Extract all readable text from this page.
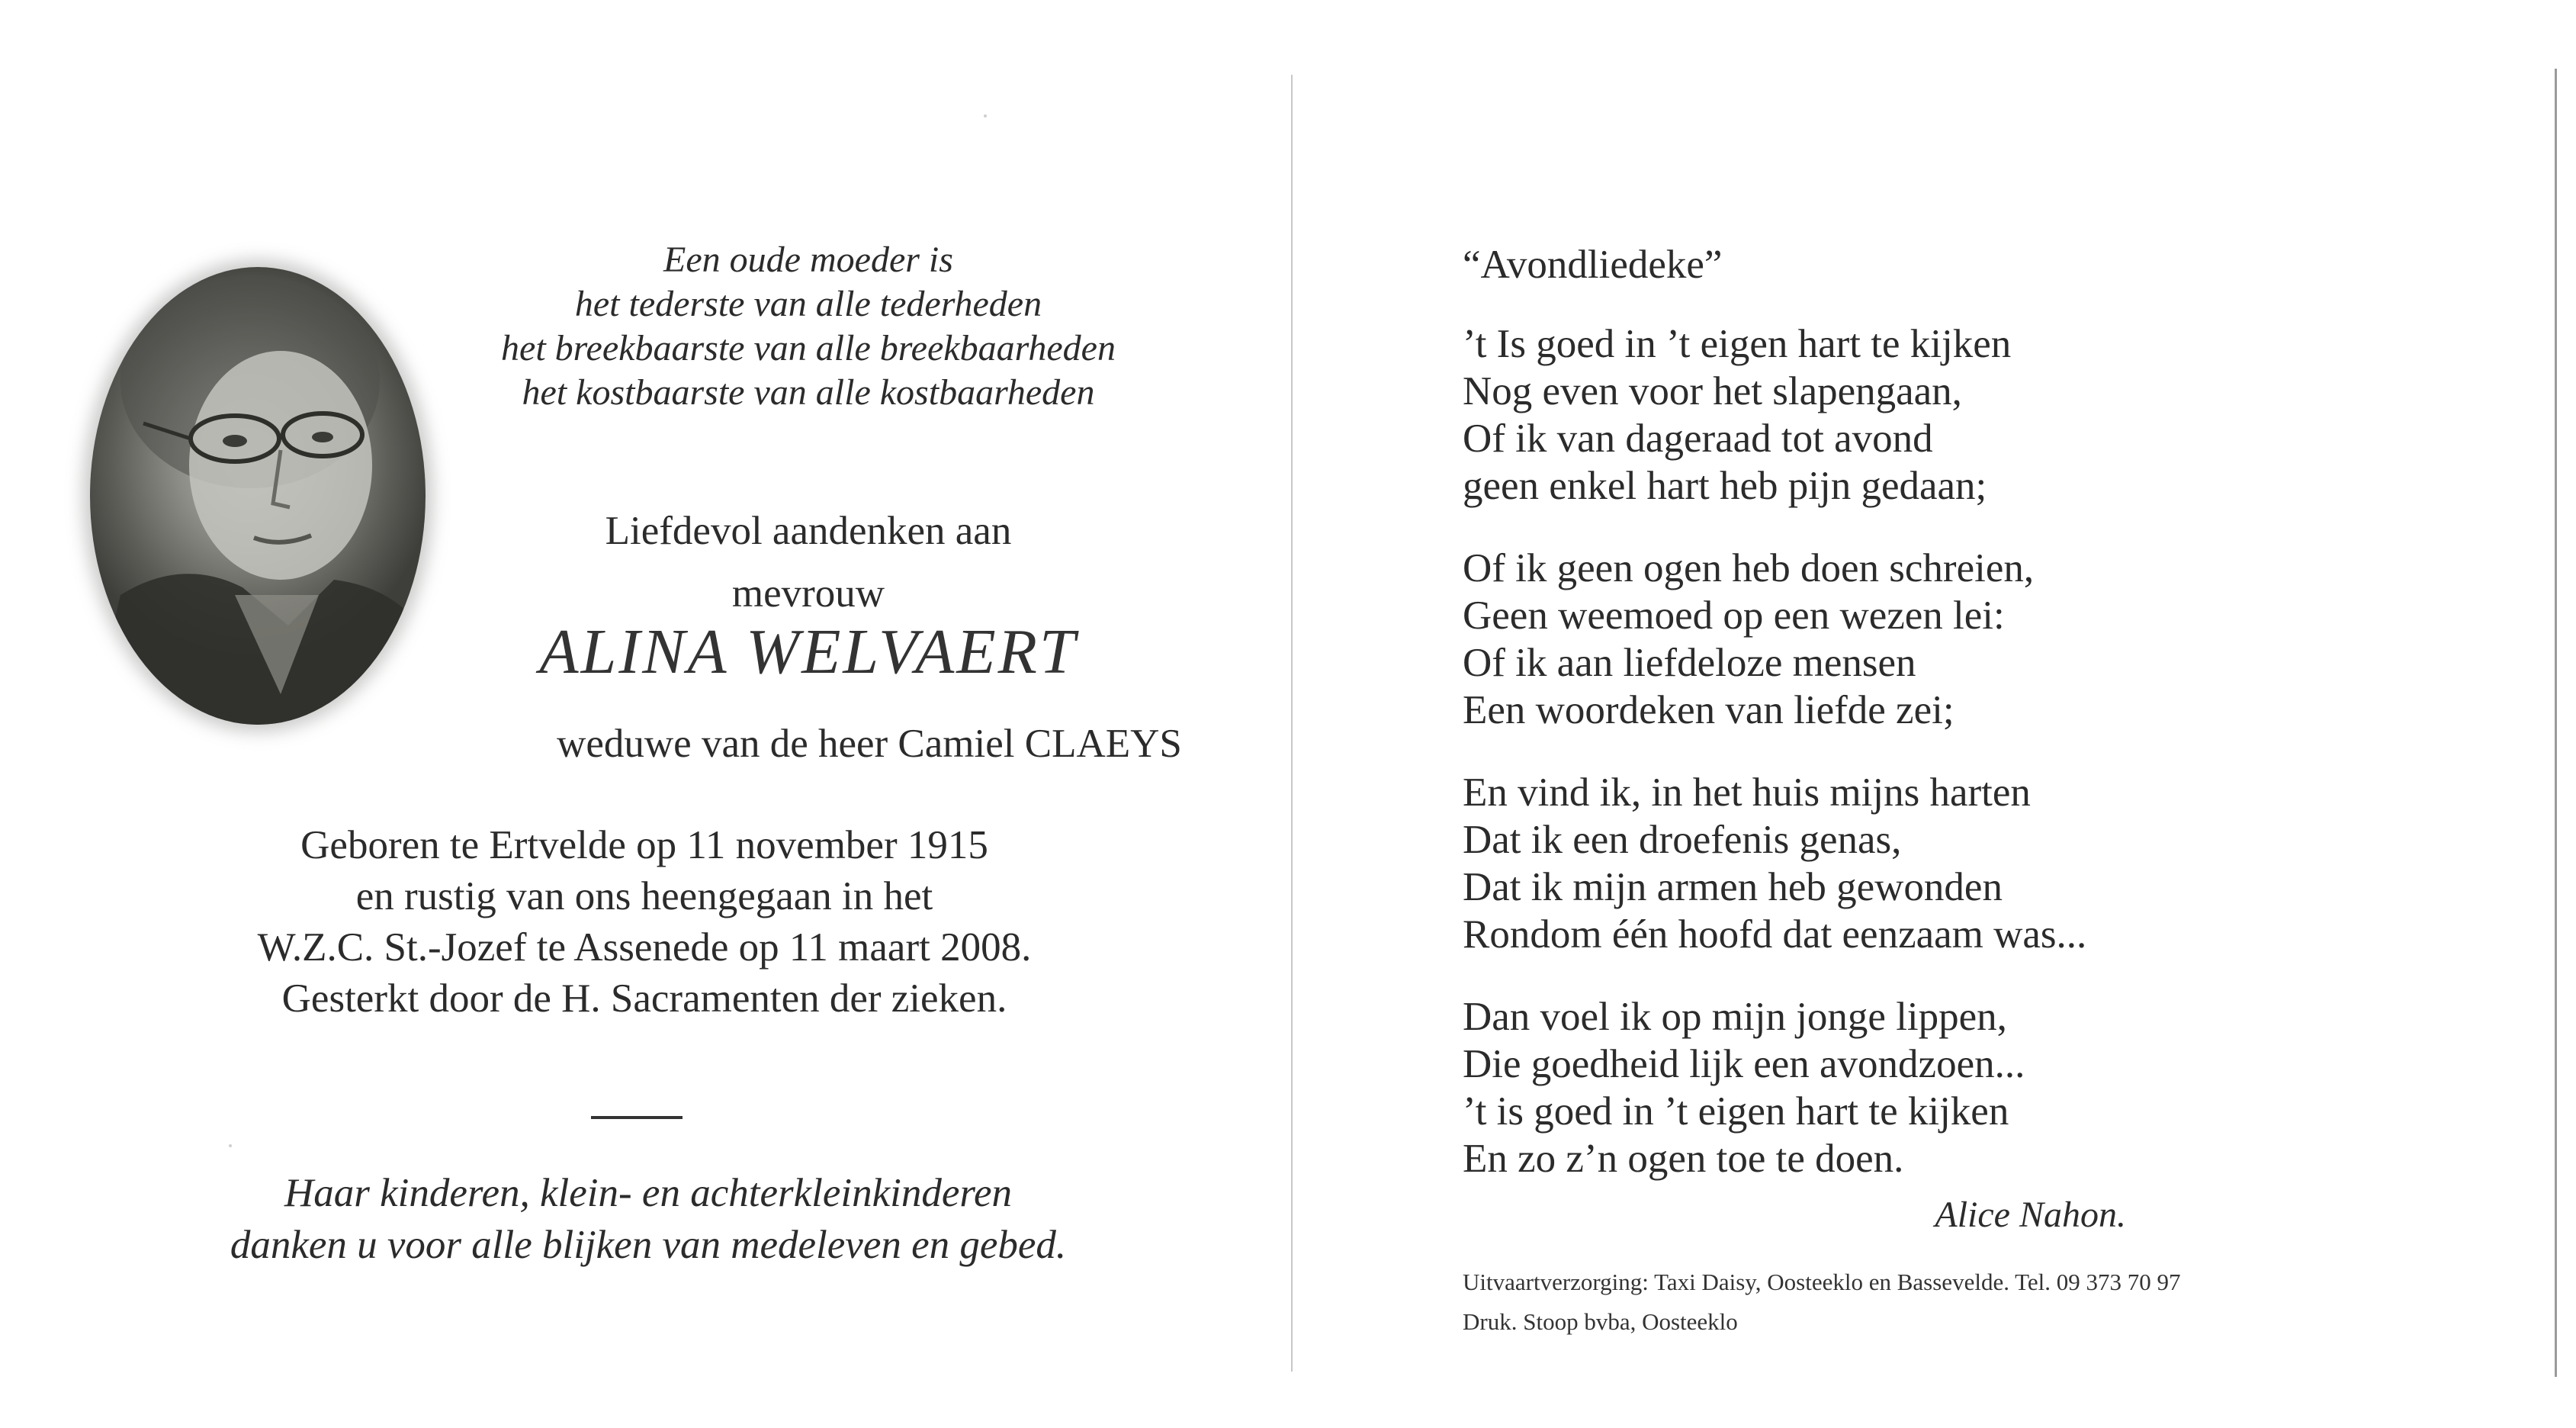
Een oude moeder is
het tederste van alle tederheden
het breekbaarste van alle breekbaarheden
het kostbaarste van alle kostbaarheden
Liefdevol aandenken aan
mevrouw
ALINA WELVAERT
weduwe van de heer Camiel CLAEYS
Geboren te Ertvelde op 11 november 1915
en rustig van ons heengegaan in het
W.Z.C. St.-Jozef te Assenede op 11 maart 2008.
Gesterkt door de H. Sacramenten der zieken.
Haar kinderen, klein- en achterkleinkinderen
danken u voor alle blijken van medeleven en gebed.
“Avondliedeke”
’t Is goed in ’t eigen hart te kijken
Nog even voor het slapengaan,
Of ik van dageraad tot avond
geen enkel hart heb pijn gedaan;
Of ik geen ogen heb doen schreien,
Geen weemoed op een wezen lei:
Of ik aan liefdeloze mensen
Een woordeken van liefde zei;
En vind ik, in het huis mijns harten
Dat ik een droefenis genas,
Dat ik mijn armen heb gewonden
Rondom één hoofd dat eenzaam was...
Dan voel ik op mijn jonge lippen,
Die goedheid lijk een avondzoen...
’t is goed in ’t eigen hart te kijken
En zo z’n ogen toe te doen.
Alice Nahon.
Uitvaartverzorging: Taxi Daisy, Oosteeklo en Bassevelde. Tel. 09 373 70 97
Druk. Stoop bvba, Oosteeklo
